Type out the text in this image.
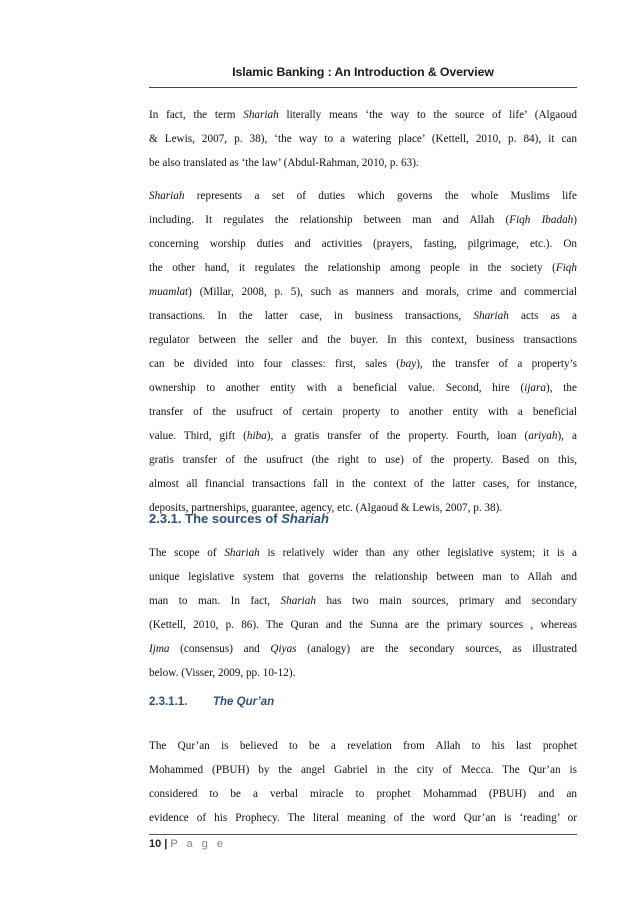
Islamic Banking : An Introduction & Overview
In fact, the term Shariah literally means ‘the way to the source of life’ (Algaoud
& Lewis, 2007, p. 38), ‘the way to a watering place’ (Kettell, 2010, p. 84), it can
be also translated as ‘the law’ (Abdul-Rahman, 2010, p. 63).
Shariah represents a set of duties which governs the whole Muslims life
including. It regulates the relationship between man and Allah (Fiqh Ibadah)
concerning worship duties and activities (prayers, fasting, pilgrimage, etc.). On
the other hand, it regulates the relationship among people in the society (Fiqh
muamlat) (Millar, 2008, p. 5), such as manners and morals, crime and commercial
transactions. In the latter case, in business transactions, Shariah acts as a
regulator between the seller and the buyer. In this context, business transactions
can be divided into four classes: first, sales (bay), the transfer of a property’s
ownership to another entity with a beneficial value. Second, hire (ijara), the
transfer of the usufruct of certain property to another entity with a beneficial
value. Third, gift (hiba), a gratis transfer of the property. Fourth, loan (ariyah), a
gratis transfer of the usufruct (the right to use) of the property. Based on this,
almost all financial transactions fall in the context of the latter cases, for instance,
deposits, partnerships, guarantee, agency, etc. (Algaoud & Lewis, 2007, p. 38).
2.3.1. The sources of Shariah
The scope of Shariah is relatively wider than any other legislative system; it is a
unique legislative system that governs the relationship between man to Allah and
man to man. In fact, Shariah has two main sources, primary and secondary
(Kettell, 2010, p. 86). The Quran and the Sunna are the primary sources , whereas
Ijma (consensus) and Qiyas (analogy) are the secondary sources, as illustrated
below. (Visser, 2009, pp. 10-12).
2.3.1.1. The Qur’an
The Qur’an is believed to be a revelation from Allah to his last prophet
Mohammed (PBUH) by the angel Gabriel in the city of Mecca. The Qur’an is
considered to be a verbal miracle to prophet Mohammad (PBUH) and an
evidence of his Prophecy. The literal meaning of the word Qur’an is ‘reading’ or
10 | P a g e
